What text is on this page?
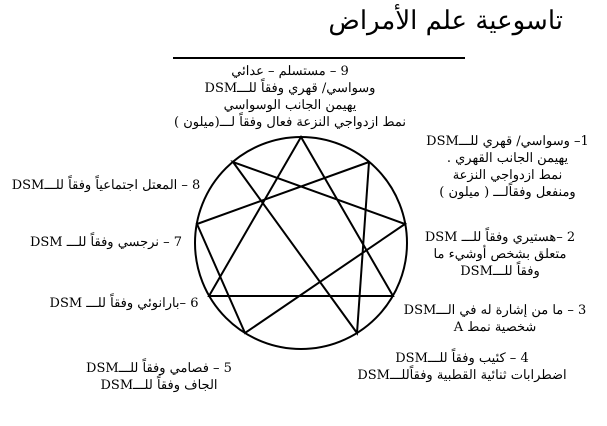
تاسوعية علم الأمراض
9 – مستسلم – عدائي
وسواسي/ قهري وفقاً للـــDSM
يهيمن الجانب الوسواسي
نمط ازدواجي النزعة فعال وفقاً لـــ(ميلون )
1– وسواسي/ قهري للـــDSM
يهيمن الجانب القهري .
نمط ازدواجي النزعة
ومنفعل وفقاًلـــ ( ميلون )
2 –هستيري وفقاً للـــ DSM
متعلق بشخص أوشيء ما
وفقاً للـــDSM
3 – ما من إشارة له في الـــDSM
شخصية نمط A
4 – كئيب وفقاً للـــDSM
اضطرابات ثنائية القطبية وفقاًللـــDSM
5 – فصامي وفقاً للـــDSM
الجاف وفقاً للـــDSM
6 –بارانوئي وفقاً للـــ DSM
7 – نرجسي وفقاً للـــ DSM
8 – المعتل اجتماعياً وفقاً للـــDSM
